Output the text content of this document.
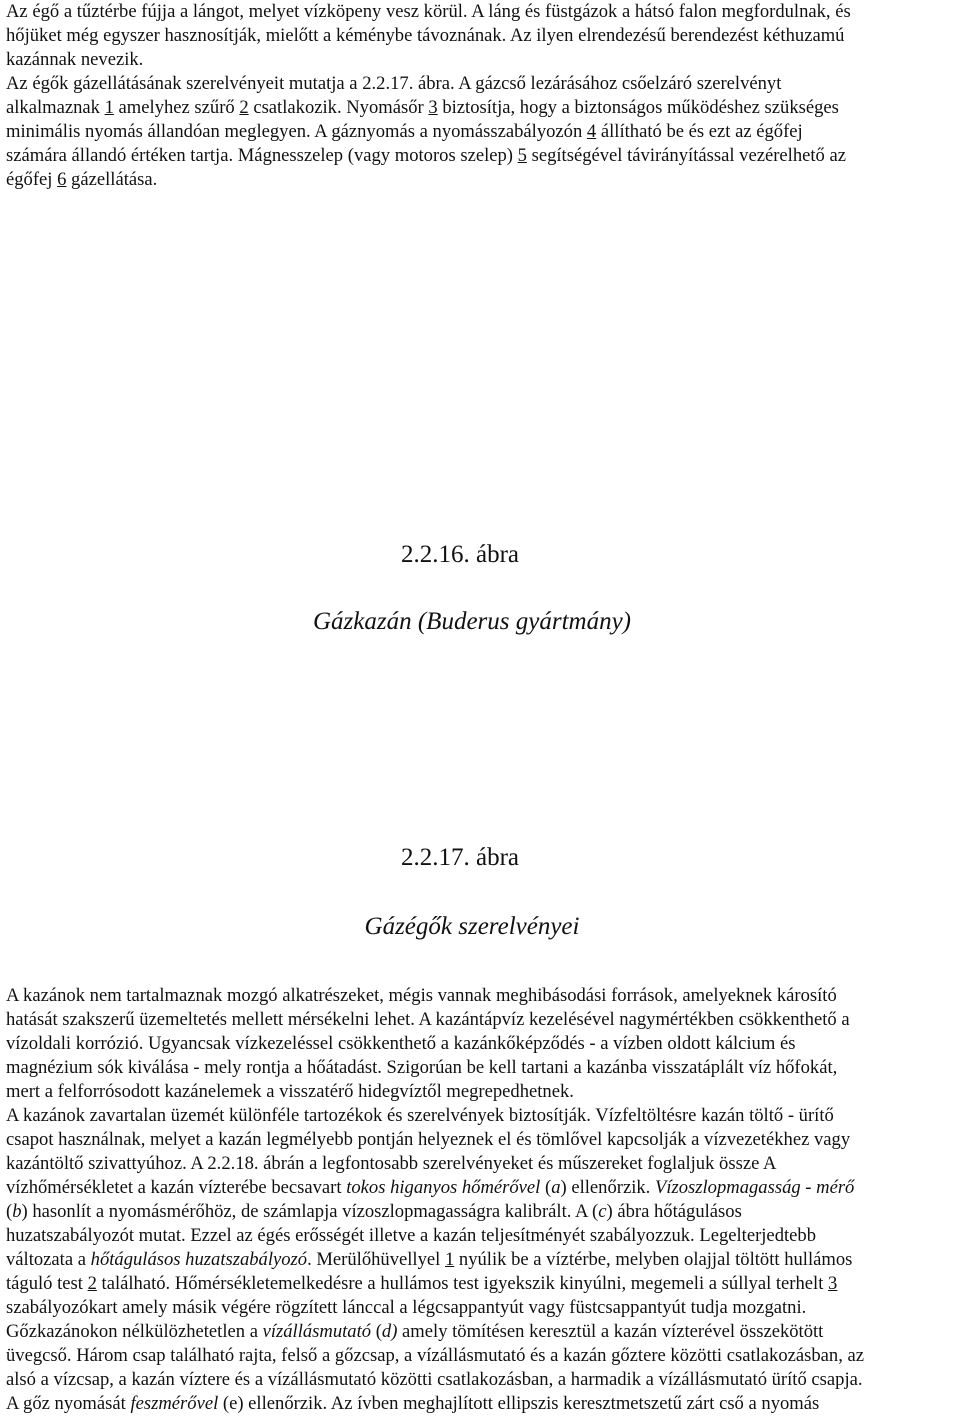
Az égő a tűztérbe fújja a lángot, melyet vízköpeny vesz körül. A láng és füstgázok a hátsó falon megfordulnak, és
hőjüket még egyszer hasznosítják, mielőtt a kéménybe távoznának. Az ilyen elrendezésű berendezést kéthuzamú
kazánnak nevezik.
Az égők gázellátásának szerelvényeit mutatja a 2.2.17. ábra. A gázcső lezárásához csőelzáró szerelvényt
alkalmaznak 1 amelyhez szűrő 2 csatlakozik. Nyomásőr 3 biztosítja, hogy a biztonságos működéshez szükséges
minimális nyomás állandóan meglegyen. A gáznyomás a nyomásszabályozón 4 állítható be és ezt az égőfej
számára állandó értéken tartja. Mágnesszelep (vagy motoros szelep) 5 segítségével távirányítással vezérelhető az
égőfej 6 gázellátása.

2.2.16. ábra
Gázkazán (Buderus gyártmány)
2.2.17. ábra
Gázégők szerelvényei

A kazánok nem tartalmaznak mozgó alkatrészeket, mégis vannak meghibásodási források, amelyeknek károsító
hatását szakszerű üzemeltetés mellett mérsékelni lehet. A kazántápvíz kezelésével nagymértékben csökkenthető a
vízoldali korrózió. Ugyancsak vízkezeléssel csökkenthető a kazánkőképződés - a vízben oldott kálcium és
magnézium sók kiválása - mely rontja a hőátadást. Szigorúan be kell tartani a kazánba visszatáplált víz hőfokát,
mert a felforrósodott kazánelemek a visszatérő hidegvíztől megrepedhetnek.
A kazánok zavartalan üzemét különféle tartozékok és szerelvények biztosítják. Vízfeltöltésre kazán töltő - ürítő
csapot használnak, melyet a kazán legmélyebb pontján helyeznek el és tömlővel kapcsolják a vízvezetékhez vagy
kazántöltő szivattyúhoz. A 2.2.18. ábrán a legfontosabb szerelvényeket és műszereket foglaljuk össze A
vízhőmérsékletet a kazán vízterébe becsavart tokos higanyos hőmérővel (a) ellenőrzik. Vízoszlopmagasság - mérő
(b) hasonlít a nyomásmérőhöz, de számlapja vízoszlopmagasságra kalibrált. A (c) ábra hőtágulásos
huzatszabályozót mutat. Ezzel az égés erősségét illetve a kazán teljesítményét szabályozzuk. Legelterjedtebb
változata a hőtágulásos huzatszabályozó. Merülőhüvellyel 1 nyúlik be a víztérbe, melyben olajjal töltött hullámos
táguló test 2 található. Hőmérsékletemelkedésre a hullámos test igyekszik kinyúlni, megemeli a súllyal terhelt 3
szabályozókart amely másik végére rögzített lánccal a légcsappantyút vagy füstcsappantyút tudja mozgatni.
Gőzkazánokon nélkülözhetetlen a vízállásmutató (d) amely tömítésen keresztül a kazán vízterével összekötött
üvegcső. Három csap található rajta, felső a gőzcsap, a vízállásmutató és a kazán gőztere közötti csatlakozásban, az
alsó a vízcsap, a kazán víztere és a vízállásmutató közötti csatlakozásban, a harmadik a vízállásmutató ürítő csapja.
A gőz nyomását feszmérővel (e) ellenőrzik. Az ívben meghajlított ellipszis keresztmetszetű zárt cső a nyomás
